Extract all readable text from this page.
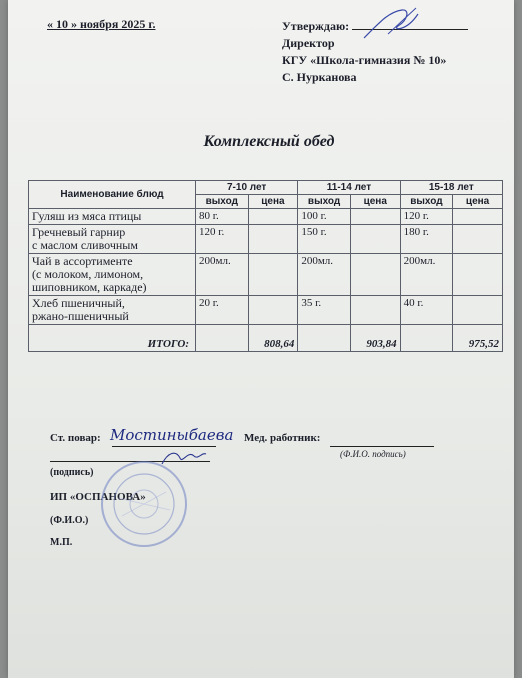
« 10 » ноября 2025 г.	Утверждаю:
Директор
КГУ «Школа-гимназия № 10»
С. Нурканова
Комплексный обед
Наименование блюд	7-10 лет		11-14 лет		15-18 лет	
	выход	цена	выход	цена	выход	цена
Гуляш из мяса птицы	80 г.		100 г.		120 г.	

Гречневый гарнир
с маслом сливочным	120 г.		150 г.		180 г.	

Чай в ассортименте
(с молоком, лимоном,
шиповником, каркаде)	200мл.		200мл.		200мл.	

Хлеб пшеничный,
ржано-пшеничный	20 г.		35 г.		40 г.	
ИТОГО:		808,64		903,84		975,52
Ст. повар: Мостиныбаева Мед. работник:
(Ф.И.О. подпись)
(подпись)
ИП «ОСПАНОВА»
(Ф.И.О.)
М.П.
